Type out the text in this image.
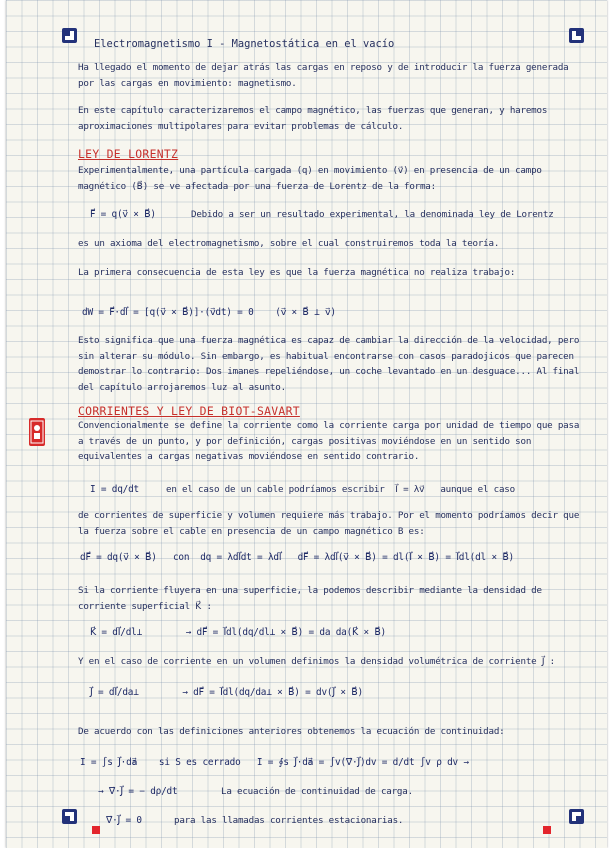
Electromagnetismo I - Magnetostática en el vacío
Ha llegado el momento de dejar atrás las cargas en reposo y de introducir la fuerza generada por las cargas en movimiento: magnetismo.
En este capítulo caracterizaremos el campo magnético, las fuerzas que generan, y haremos aproximaciones multipolares para evitar problemas de cálculo.
LEY DE LORENTZ
Experimentalmente, una partícula cargada (q) en movimiento (v⃗) en presencia de un campo magnético (B⃗) se ve afectada por una fuerza de Lorentz de la forma:
F⃗ = q(v⃗ × B⃗)	Debido a ser un resultado experimental, la denominada ley de Lorentz
es un axioma del electromagnetismo, sobre el cual construiremos toda la teoría.
La primera consecuencia de esta ley es que la fuerza magnética no realiza trabajo:
dW = F⃗·dl⃗ = [q(v⃗ × B⃗)]·(v⃗dt) = 0    (v⃗ × B⃗ ⊥ v⃗)
Esto significa que una fuerza magnética es capaz de cambiar la dirección de la velocidad, pero sin alterar su módulo. Sin embargo, es habitual encontrarse con casos paradojicos que parecen demostrar lo contrario: Dos imanes repeliéndose, un coche levantado en un desguace... Al final del capítulo arrojaremos luz al asunto.
CORRIENTES Y LEY DE BIOT-SAVART
Convencionalmente se define la corriente como la corriente carga por unidad de tiempo que pasa a través de un punto, y por definición, cargas positivas moviéndose en un sentido son equivalentes a cargas negativas moviéndose en sentido contrario.
I = dq/dt	en el caso de un cable podríamos escribir  I⃗ = λv⃗   aunque el caso
de corrientes de superficie y volumen requiere más trabajo. Por el momento podríamos decir que la fuerza sobre el cable en presencia de un campo magnético B es:
dF⃗ = dq(v⃗ × B⃗)   con  dq = λdl⃗dt = λdl⃗   dF⃗ = λdl⃗(v⃗ × B⃗) = dl(I⃗ × B⃗) = I⃗dl(dl × B⃗)
Si la corriente fluyera en una superficie, la podemos describir mediante la densidad de corriente superficial K⃗ :
K⃗ = dI⃗/dl⊥        → dF⃗ = I⃗dl(dq/dl⊥ × B⃗) = da da(K⃗ × B⃗)
Y en el caso de corriente en un volumen definimos la densidad volumétrica de corriente J⃗ :
J⃗ = dI⃗/da⊥        → dF⃗ = I⃗dl(dq/da⊥ × B⃗) = dv(J⃗ × B⃗)
De acuerdo con las definiciones anteriores obtenemos la ecuación de continuidad:
I = ∫s J⃗·da⃗    si S es cerrado   I = ∮s J⃗·da⃗ = ∫v(∇⃗·J⃗)dv = d/dt ∫v ρ dv →
→ ∇⃗·J⃗ = − dρ/dt	La ecuación de continuidad de carga.
∇⃗·J⃗ = 0	para las llamadas corrientes estacionarias.
